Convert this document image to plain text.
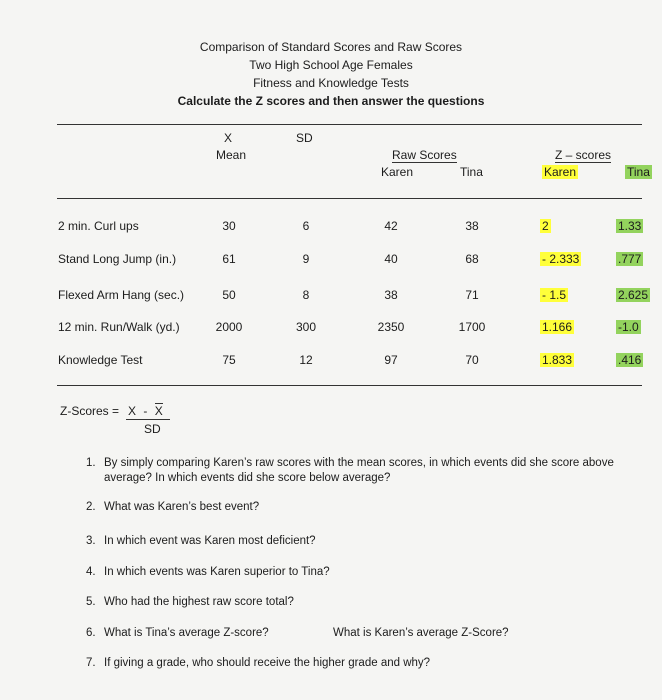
Comparison of Standard Scores and Raw Scores
Two High School Age Females
Fitness and Knowledge Tests
Calculate the Z scores and then answer the questions
X
Mean
SD
Raw Scores
Karen	Tina
Z – scores
Karen	Tina
2 min. Curl ups	30	6	42	38	2	1.33
Stand Long Jump (in.)	61	9	40	68	- 2.333	.777
Flexed Arm Hang (sec.)	50	8	38	71	- 1.5	2.625
12 min. Run/Walk (yd.)	2000	300	2350	1700	1.166	-1.0
Knowledge Test	75	12	97	70	1.833	.416
Z-Scores = X - X
SD
1. By simply comparing Karen’s raw scores with the mean scores, in which events did she score above
average? In which events did she score below average?
2. What was Karen’s best event?
3. In which event was Karen most deficient?
4. In which events was Karen superior to Tina?
5. Who had the highest raw score total?
6. What is Tina’s average Z-score?	What is Karen’s average Z-Score?
7. If giving a grade, who should receive the higher grade and why?
